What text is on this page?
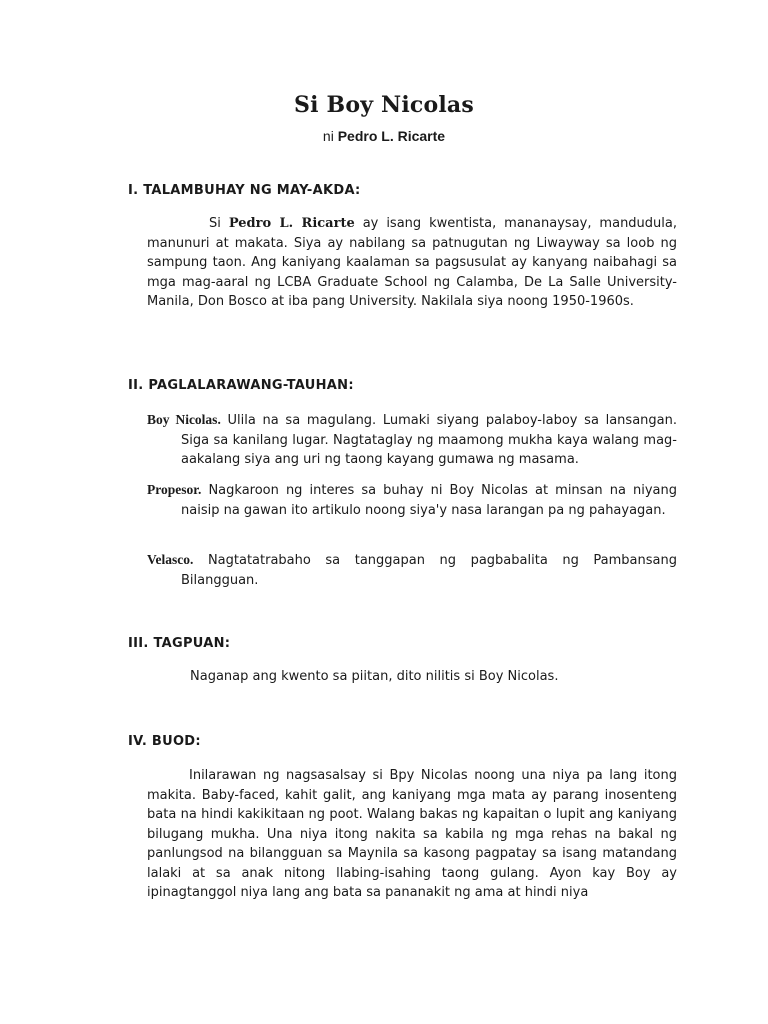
Si Boy Nicolas

ni Pedro L. Ricarte

I. TALAMBUHAY NG MAY-AKDA:

Si Pedro L. Ricarte ay isang kwentista, mananaysay, mandudula, manunuri at makata. Siya ay nabilang sa patnugutan ng Liwayway sa loob ng sampung taon. Ang kaniyang kaalaman sa pagsusulat ay kanyang naibahagi sa mga mag-aaral ng LCBA Graduate School ng Calamba, De La Salle University-Manila, Don Bosco at iba pang University. Nakilala siya noong 1950-1960s.

II. PAGLALARAWANG-TAUHAN:

Boy Nicolas. Ulila na sa magulang. Lumaki siyang palaboy-laboy sa lansangan. Siga sa kanilang lugar. Nagtataglay ng maamong mukha kaya walang mag-aakalang siya ang uri ng taong kayang gumawa ng masama.

Propesor. Nagkaroon ng interes sa buhay ni Boy Nicolas at minsan na niyang naisip na gawan ito artikulo noong siya'y nasa larangan pa ng pahayagan.

Velasco. Nagtatatrabaho sa tanggapan ng pagbabalita ng Pambansang Bilangguan.

III. TAGPUAN:

Naganap ang kwento sa piitan, dito nilitis si Boy Nicolas.

IV. BUOD:

Inilarawan ng nagsasalsay si Bpy Nicolas noong una niya pa lang itong makita. Baby-faced, kahit galit, ang kaniyang mga mata ay parang inosenteng bata na hindi kakikitaan ng poot. Walang bakas ng kapaitan o lupit ang kaniyang bilugang mukha. Una niya itong nakita sa kabila ng mga rehas na bakal ng panlungsod na bilangguan sa Maynila sa kasong pagpatay sa isang matandang lalaki at sa anak nitong llabing-isahing taong gulang. Ayon kay Boy ay ipinagtanggol niya lang ang bata sa pananakit ng ama at hindi niya
